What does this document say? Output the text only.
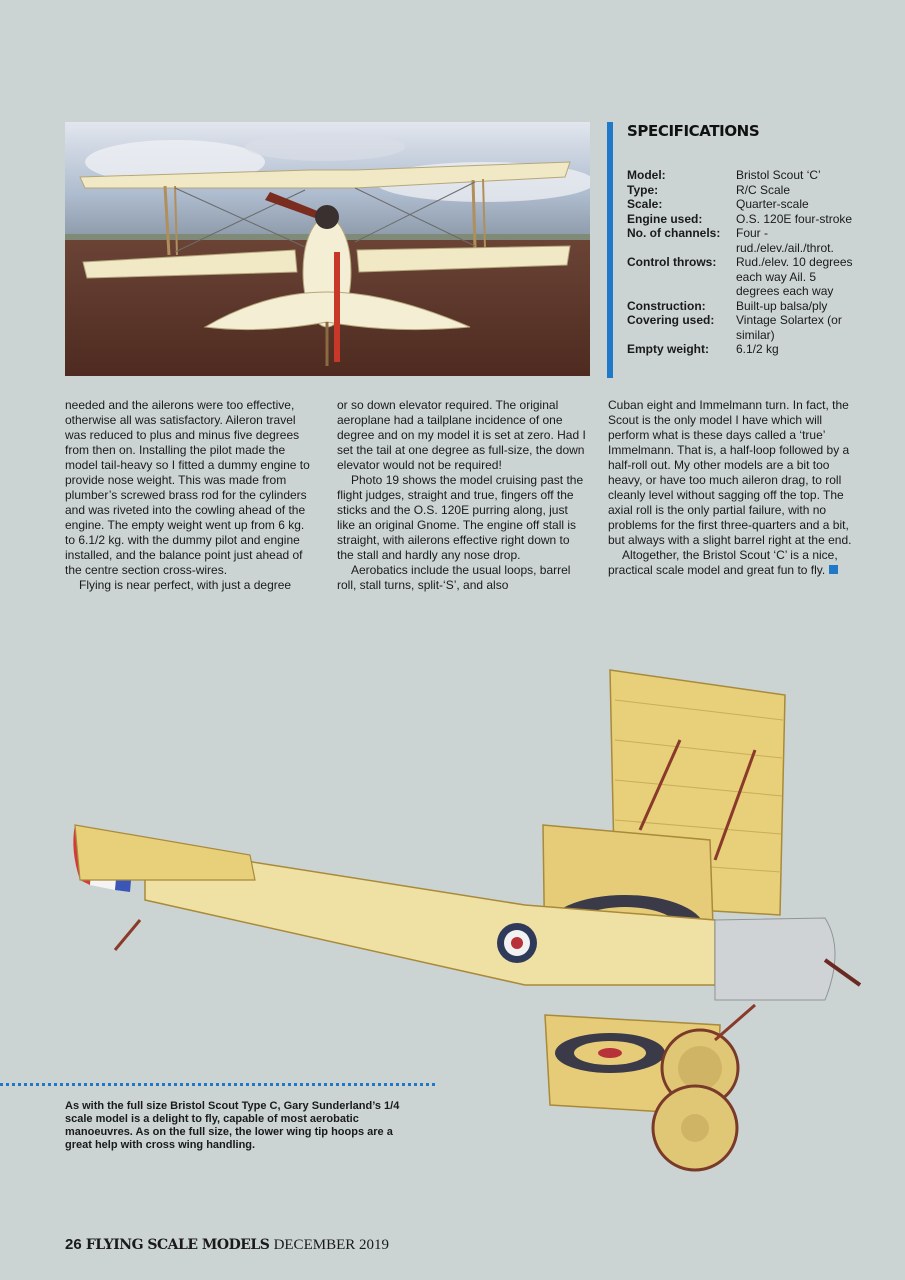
SPECIFICATIONS
Model:	Bristol Scout ‘C’
Type:	R/C Scale
Scale:	Quarter-scale
Engine used:	O.S. 120E four-stroke
No. of channels:	Four - rud./elev./ail./throt.
Control throws:	Rud./elev. 10 degrees each way Ail. 5 degrees each way
Construction:	Built-up balsa/ply
Covering used:	Vintage Solartex (or similar)
Empty weight:	6.1/2 kg

needed and the ailerons were too effective, otherwise all was satisfactory. Aileron travel was reduced to plus and minus five degrees from then on. Installing the pilot made the model tail-heavy so I fitted a dummy engine to provide nose weight. This was made from plumber’s screwed brass rod for the cylinders and was riveted into the cowling ahead of the engine. The empty weight went up from 6 kg. to 6.1/2 kg. with the dummy pilot and engine installed, and the balance point just ahead of the centre section cross-wires.

Flying is near perfect, with just a degree

or so down elevator required. The original aeroplane had a tailplane incidence of one degree and on my model it is set at zero. Had I set the tail at one degree as full-size, the down elevator would not be required!

Photo 19 shows the model cruising past the flight judges, straight and true, fingers off the sticks and the O.S. 120E purring along, just like an original Gnome. The engine off stall is straight, with ailerons effective right down to the stall and hardly any nose drop.

Aerobatics include the usual loops, barrel roll, stall turns, split-‘S’, and also

Cuban eight and Immelmann turn. In fact, the Scout is the only model I have which will perform what is these days called a ‘true’ Immelmann. That is, a half-loop followed by a half-roll out. My other models are a bit too heavy, or have too much aileron drag, to roll cleanly level without sagging off the top. The axial roll is the only partial failure, with no problems for the first three-quarters and a bit, but always with a slight barrel right at the end.

Altogether, the Bristol Scout ‘C’ is a nice, practical scale model and great fun to fly.

As with the full size Bristol Scout Type C, Gary Sunderland’s 1/4 scale model is a delight to fly, capable of most aerobatic manoeuvres. As on the full size, the lower wing tip hoops are a great help with cross wing handling.
26 FLYING SCALE MODELS DECEMBER 2019
